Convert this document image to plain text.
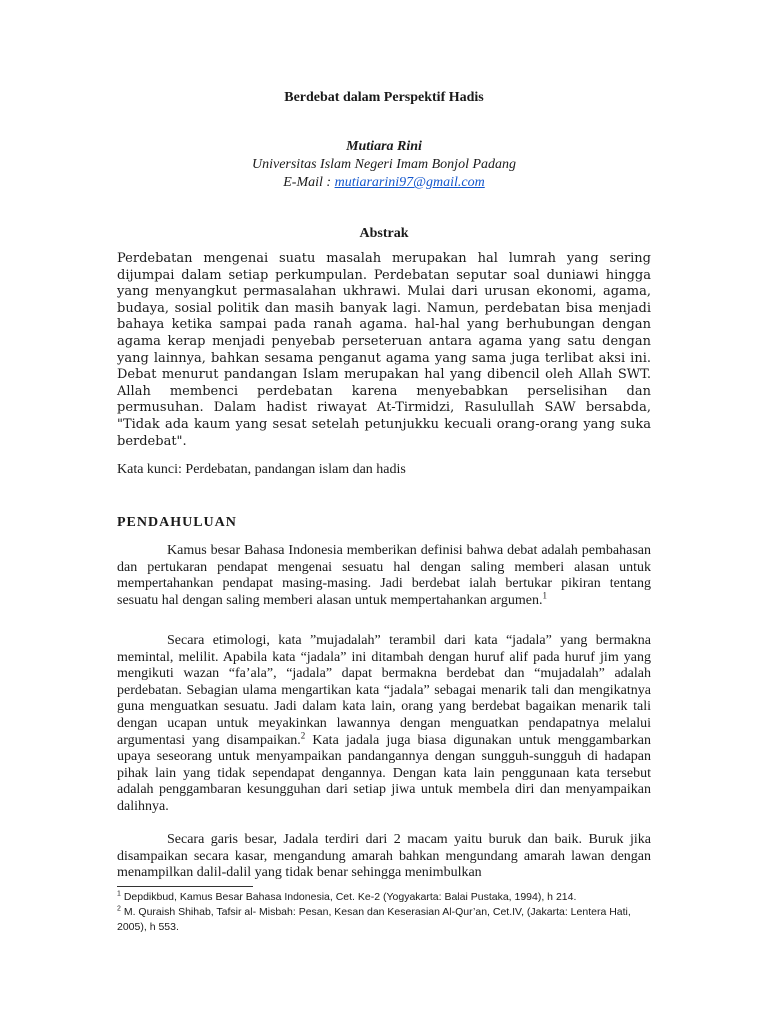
Berdebat dalam Perspektif Hadis
Mutiara Rini
Universitas Islam Negeri Imam Bonjol Padang
E-Mail : mutiararini97@gmail.com
Abstrak
Perdebatan mengenai suatu masalah merupakan hal lumrah yang sering dijumpai dalam setiap perkumpulan. Perdebatan seputar soal duniawi hingga yang menyangkut permasalahan ukhrawi. Mulai dari urusan ekonomi, agama, budaya, sosial politik dan masih banyak lagi. Namun, perdebatan bisa menjadi bahaya ketika sampai pada ranah agama. hal-hal yang berhubungan dengan agama kerap menjadi penyebab perseteruan antara agama yang satu dengan yang lainnya, bahkan sesama penganut agama yang sama juga terlibat aksi ini. Debat menurut pandangan Islam merupakan hal yang dibencil oleh Allah SWT. Allah membenci perdebatan karena menyebabkan perselisihan dan permusuhan. Dalam hadist riwayat At-Tirmidzi, Rasulullah SAW bersabda, "Tidak ada kaum yang sesat setelah petunjukku kecuali orang-orang yang suka berdebat".
Kata kunci: Perdebatan, pandangan islam dan hadis
PENDAHULUAN
Kamus besar Bahasa Indonesia memberikan definisi bahwa debat adalah pembahasan dan pertukaran pendapat mengenai sesuatu hal dengan saling memberi alasan untuk mempertahankan pendapat masing-masing. Jadi berdebat ialah bertukar pikiran tentang sesuatu hal dengan saling memberi alasan untuk mempertahankan argumen.$^1$
Secara etimologi, kata ”mujadalah” terambil dari kata “jadala” yang bermakna memintal, melilit. Apabila kata “jadala” ini ditambah dengan huruf alif pada huruf jim yang mengikuti wazan “fa’ala”, “jadala” dapat bermakna berdebat dan “mujadalah” adalah perdebatan. Sebagian ulama mengartikan kata “jadala” sebagai menarik tali dan mengikatnya guna menguatkan sesuatu. Jadi dalam kata lain, orang yang berdebat bagaikan menarik tali dengan ucapan untuk meyakinkan lawannya dengan menguatkan pendapatnya melalui argumentasi yang disampaikan.$^2$ Kata jadala juga biasa digunakan untuk menggambarkan upaya seseorang untuk menyampaikan pandangannya dengan sungguh-sungguh di hadapan pihak lain yang tidak sependapat dengannya. Dengan kata lain penggunaan kata tersebut adalah penggambaran kesungguhan dari setiap jiwa untuk membela diri dan menyampaikan dalihnya.
Secara garis besar, Jadala terdiri dari 2 macam yaitu buruk dan baik. Buruk jika disampaikan secara kasar, mengandung amarah bahkan mengundang amarah lawan dengan menampilkan dalil-dalil yang tidak benar sehingga menimbulkan
$^1$ Depdikbud, Kamus Besar Bahasa Indonesia, Cet. Ke-2 (Yogyakarta: Balai Pustaka, 1994), h 214.
$^2$ M. Quraish Shihab, Tafsir al- Misbah: Pesan, Kesan dan Keserasian Al-Qur’an, Cet.IV, (Jakarta: Lentera Hati, 2005), h 553.
